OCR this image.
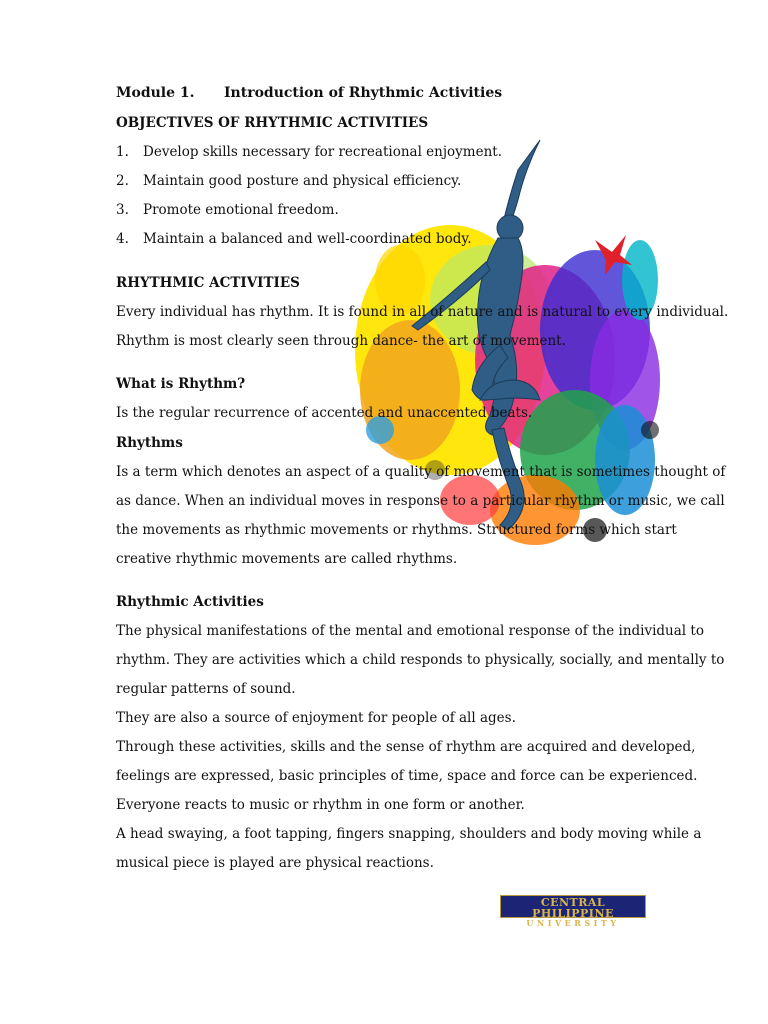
Module 1. Introduction of Rhythmic Activities
OBJECTIVES OF RHYTHMIC ACTIVITIES
1. Develop skills necessary for recreational enjoyment.
2. Maintain good posture and physical efficiency.
3. Promote emotional freedom.
4. Maintain a balanced and well-coordinated body.
RHYTHMIC ACTIVITIES
Every individual has rhythm. It is found in all of nature and is natural to every individual.
Rhythm is most clearly seen through dance- the art of movement.
What is Rhythm?
Is the regular recurrence of accented and unaccented beats.
Rhythms
Is a term which denotes an aspect of a quality of movement that is sometimes thought of
as dance. When an individual moves in response to a particular rhythm or music, we call
the movements as rhythmic movements or rhythms. Structured forms which start
creative rhythmic movements are called rhythms.
Rhythmic Activities
The physical manifestations of the mental and emotional response of the individual to
rhythm. They are activities which a child responds to physically, socially, and mentally to
regular patterns of sound.
They are also a source of enjoyment for people of all ages.
Through these activities, skills and the sense of rhythm are acquired and developed,
feelings are expressed, basic principles of time, space and force can be experienced.
Everyone reacts to music or rhythm in one form or another.
A head swaying, a foot tapping, fingers snapping, shoulders and body moving while a
musical piece is played are physical reactions.
CENTRAL PHILIPPINE
UNIVERSITY
